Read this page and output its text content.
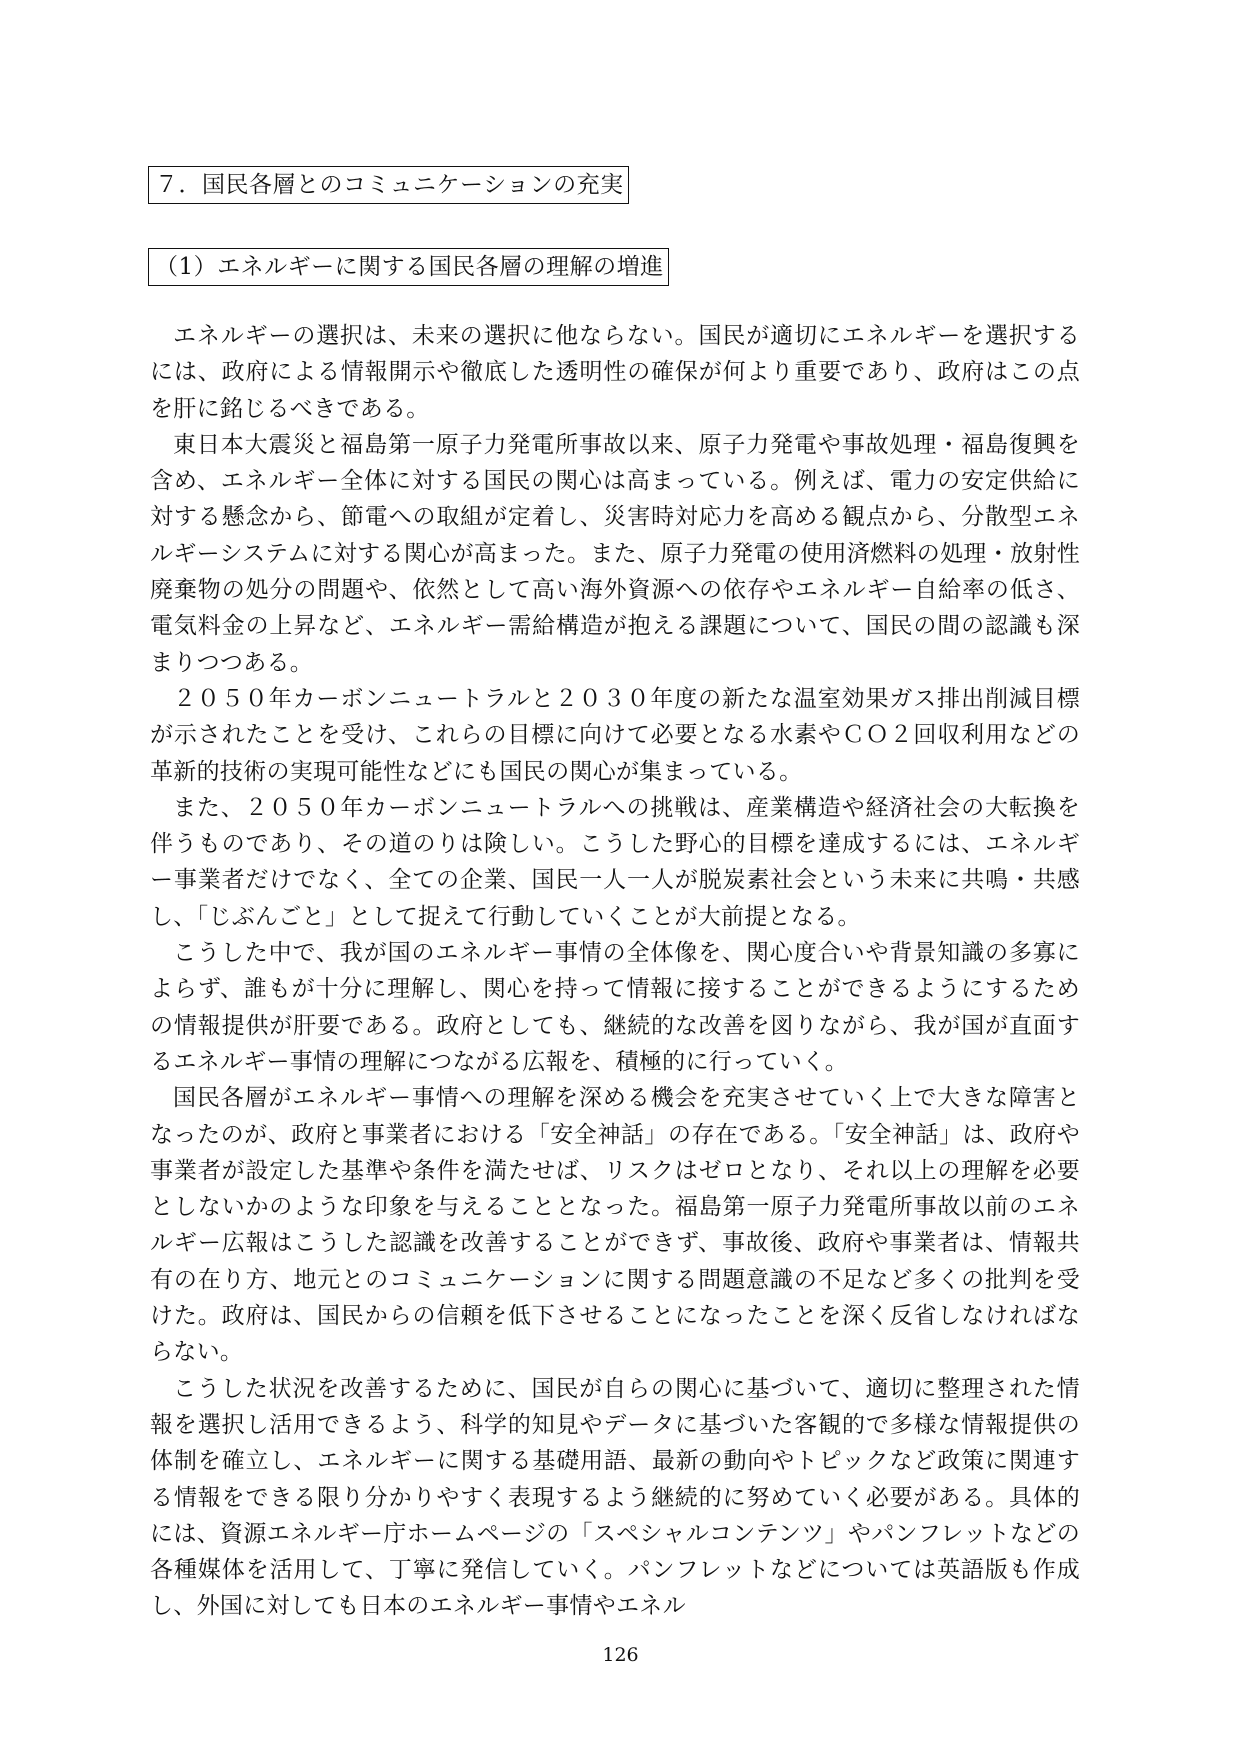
７．国民各層とのコミュニケーションの充実
（1）エネルギーに関する国民各層の理解の増進

エネルギーの選択は、未来の選択に他ならない。国民が適切にエネルギーを選択するには、政府による情報開示や徹底した透明性の確保が何より重要であり、政府はこの点を肝に銘じるべきである。

東日本大震災と福島第一原子力発電所事故以来、原子力発電や事故処理・福島復興を含め、エネルギー全体に対する国民の関心は高まっている。例えば、電力の安定供給に対する懸念から、節電への取組が定着し、災害時対応力を高める観点から、分散型エネルギーシステムに対する関心が高まった。また、原子力発電の使用済燃料の処理・放射性廃棄物の処分の問題や、依然として高い海外資源への依存やエネルギー自給率の低さ、電気料金の上昇など、エネルギー需給構造が抱える課題について、国民の間の認識も深まりつつある。

２０５０年カーボンニュートラルと２０３０年度の新たな温室効果ガス排出削減目標が示されたことを受け、これらの目標に向けて必要となる水素やＣＯ２回収利用などの革新的技術の実現可能性などにも国民の関心が集まっている。

また、２０５０年カーボンニュートラルへの挑戦は、産業構造や経済社会の大転換を伴うものであり、その道のりは険しい。こうした野心的目標を達成するには、エネルギー事業者だけでなく、全ての企業、国民一人一人が脱炭素社会という未来に共鳴・共感し、「じぶんごと」として捉えて行動していくことが大前提となる。

こうした中で、我が国のエネルギー事情の全体像を、関心度合いや背景知識の多寡によらず、誰もが十分に理解し、関心を持って情報に接することができるようにするための情報提供が肝要である。政府としても、継続的な改善を図りながら、我が国が直面するエネルギー事情の理解につながる広報を、積極的に行っていく。

国民各層がエネルギー事情への理解を深める機会を充実させていく上で大きな障害となったのが、政府と事業者における「安全神話」の存在である。「安全神話」は、政府や事業者が設定した基準や条件を満たせば、リスクはゼロとなり、それ以上の理解を必要としないかのような印象を与えることとなった。福島第一原子力発電所事故以前のエネルギー広報はこうした認識を改善することができず、事故後、政府や事業者は、情報共有の在り方、地元とのコミュニケーションに関する問題意識の不足など多くの批判を受けた。政府は、国民からの信頼を低下させることになったことを深く反省しなければならない。

こうした状況を改善するために、国民が自らの関心に基づいて、適切に整理された情報を選択し活用できるよう、科学的知見やデータに基づいた客観的で多様な情報提供の体制を確立し、エネルギーに関する基礎用語、最新の動向やトピックなど政策に関連する情報をできる限り分かりやすく表現するよう継続的に努めていく必要がある。具体的には、資源エネルギー庁ホームページの「スペシャルコンテンツ」やパンフレットなどの各種媒体を活用して、丁寧に発信していく。パンフレットなどについては英語版も作成し、外国に対しても日本のエネルギー事情やエネル

126
